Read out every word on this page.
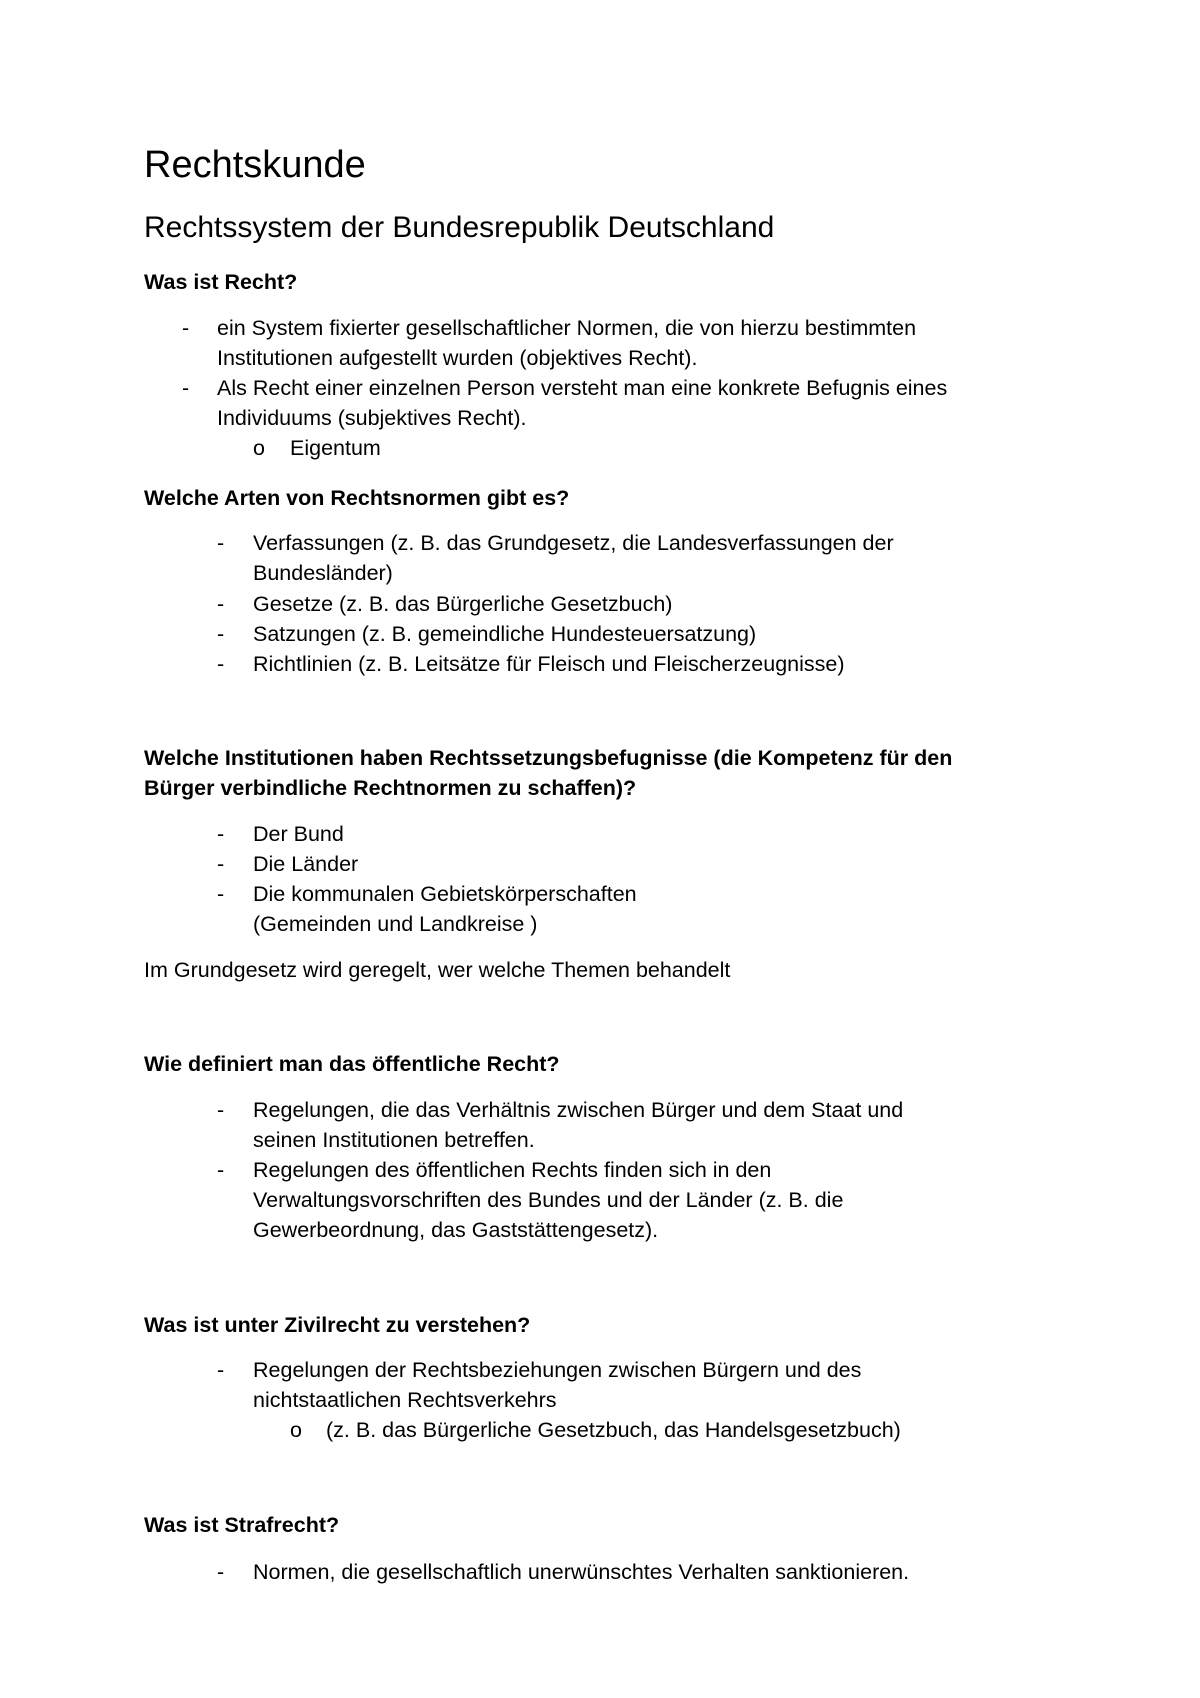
Rechtskunde
Rechtssystem der Bundesrepublik Deutschland
Was ist Recht?
- ein System fixierter gesellschaftlicher Normen, die von hierzu bestimmten
Institutionen aufgestellt wurden (objektives Recht).
- Als Recht einer einzelnen Person versteht man eine konkrete Befugnis eines
Individuums (subjektives Recht).
o Eigentum
Welche Arten von Rechtsnormen gibt es?
- Verfassungen (z. B. das Grundgesetz, die Landesverfassungen der
Bundesländer)
- Gesetze (z. B. das Bürgerliche Gesetzbuch)
- Satzungen (z. B. gemeindliche Hundesteuersatzung)
- Richtlinien (z. B. Leitsätze für Fleisch und Fleischerzeugnisse)
Welche Institutionen haben Rechtssetzungsbefugnisse (die Kompetenz für den
Bürger verbindliche Rechtnormen zu schaffen)?
- Der Bund
- Die Länder
- Die kommunalen Gebietskörperschaften
(Gemeinden und Landkreise )
Im Grundgesetz wird geregelt, wer welche Themen behandelt
Wie definiert man das öffentliche Recht?
- Regelungen, die das Verhältnis zwischen Bürger und dem Staat und
seinen Institutionen betreffen.
- Regelungen des öffentlichen Rechts finden sich in den
Verwaltungsvorschriften des Bundes und der Länder (z. B. die
Gewerbeordnung, das Gaststättengesetz).
Was ist unter Zivilrecht zu verstehen?
- Regelungen der Rechtsbeziehungen zwischen Bürgern und des
nichtstaatlichen Rechtsverkehrs
o (z. B. das Bürgerliche Gesetzbuch, das Handelsgesetzbuch)
Was ist Strafrecht?
- Normen, die gesellschaftlich unerwünschtes Verhalten sanktionieren.
